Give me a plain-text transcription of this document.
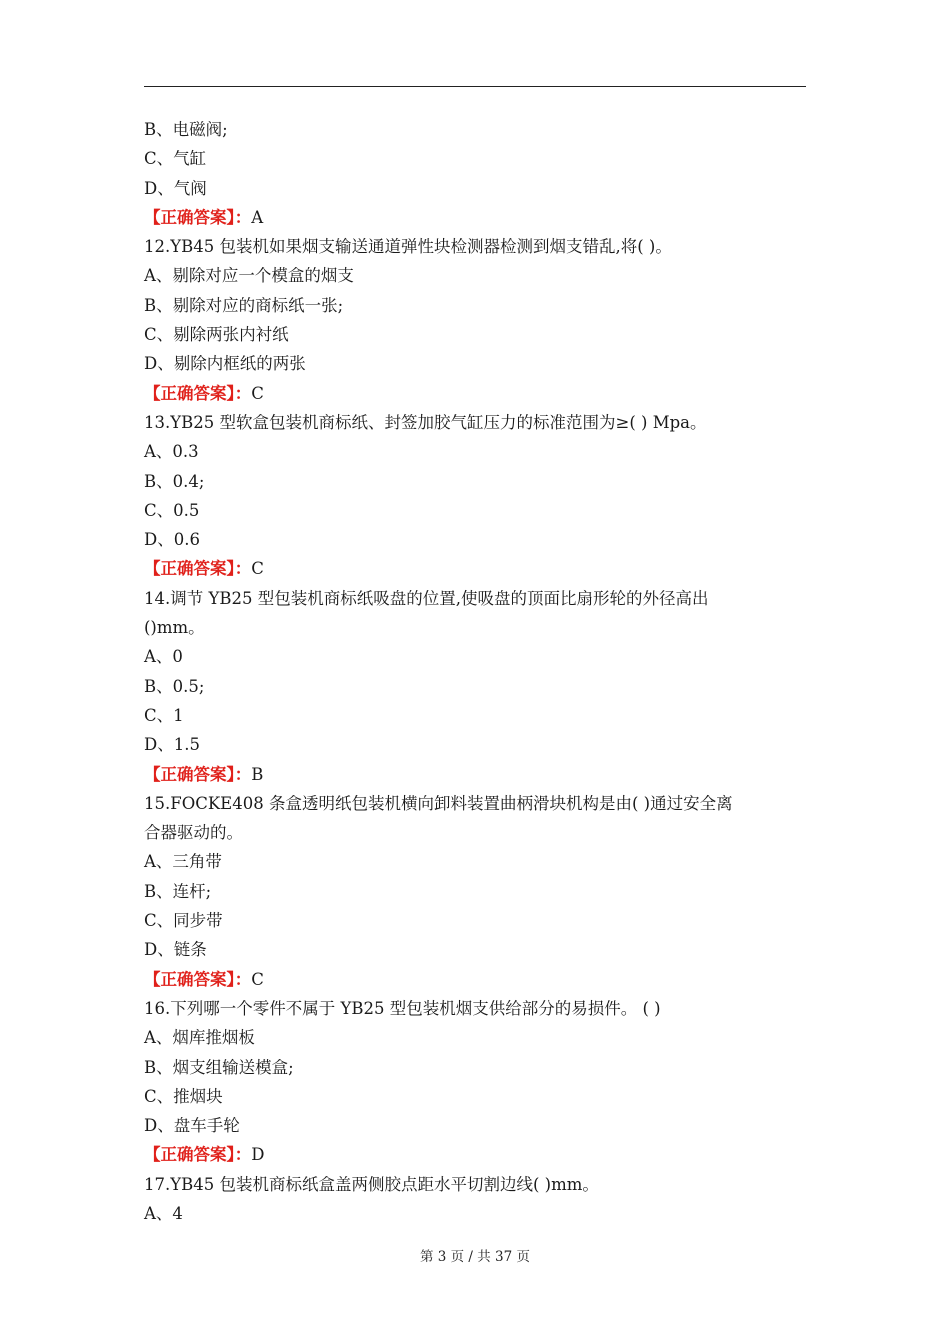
B、电磁阀;
C、气缸
D、气阀
【正确答案】：A
12.YB45 包装机如果烟支输送通道弹性块检测器检测到烟支错乱,将( )。
A、剔除对应一个模盒的烟支
B、剔除对应的商标纸一张;
C、剔除两张内衬纸
D、剔除内框纸的两张
【正确答案】：C
13.YB25 型软盒包装机商标纸、封签加胶气缸压力的标准范围为≥( ) Mpa。
A、0.3
B、0.4;
C、0.5
D、0.6
【正确答案】：C
14.调节 YB25 型包装机商标纸吸盘的位置,使吸盘的顶面比扇形轮的外径高出
()mm。
A、0
B、0.5;
C、1
D、1.5
【正确答案】：B
15.FOCKE408 条盒透明纸包装机横向卸料装置曲柄滑块机构是由( )通过安全离
合器驱动的。
A、三角带
B、连杆;
C、同步带
D、链条
【正确答案】：C
16.下列哪一个零件不属于 YB25 型包装机烟支供给部分的易损件。 ( )
A、烟库推烟板
B、烟支组输送模盒;
C、推烟块
D、盘车手轮
【正确答案】：D
17.YB45 包装机商标纸盒盖两侧胶点距水平切割边线( )mm。
A、4
第 3 页 / 共 37 页
